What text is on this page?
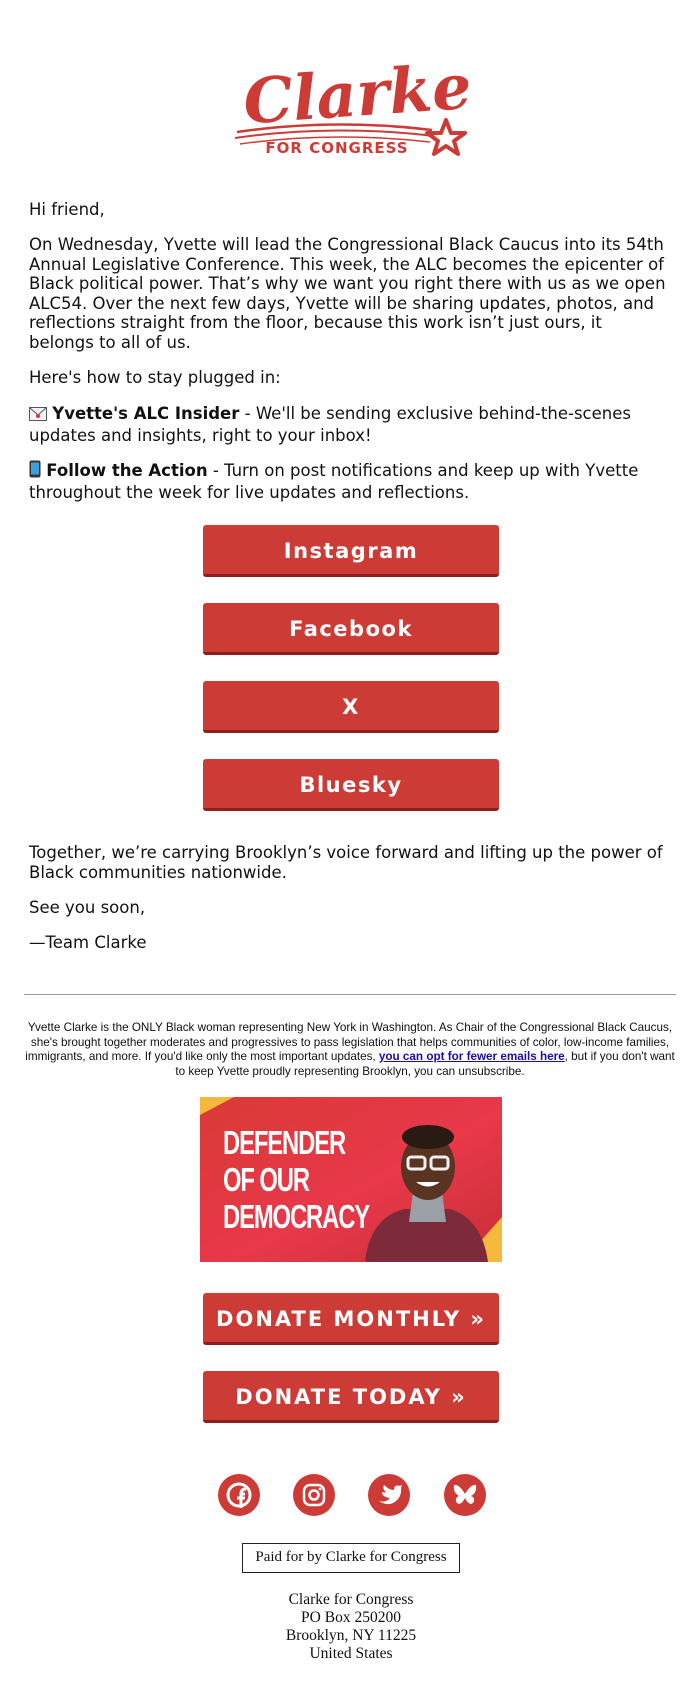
Clarke
FOR CONGRESS

Hi friend,

On Wednesday, Yvette will lead the Congressional Black Caucus into its 54th Annual Legislative Conference. This week, the ALC becomes the epicenter of Black political power. That’s why we want you right there with us as we open ALC54. Over the next few days, Yvette will be sharing updates, photos, and reflections straight from the floor, because this work isn’t just ours, it belongs to all of us.

Here's how to stay plugged in:

Yvette's ALC Insider - We'll be sending exclusive behind-the-scenes updates and insights, right to your inbox!

Follow the Action - Turn on post notifications and keep up with Yvette throughout the week for live updates and reflections.

Instagram
Facebook
X
Bluesky

Together, we’re carrying Brooklyn’s voice forward and lifting up the power of Black communities nationwide.

See you soon,

—Team Clarke

Yvette Clarke is the ONLY Black woman representing New York in Washington. As Chair of the Congressional Black Caucus, she's brought together moderates and progressives to pass legislation that helps communities of color, low-income families, immigrants, and more. If you'd like only the most important updates, you can opt for fewer emails here, but if you don't want to keep Yvette proudly representing Brooklyn, you can unsubscribe.
DEFENDER
OF OUR
DEMOCRACY
DONATE MONTHLY »
DONATE TODAY »
Paid for by Clarke for Congress
Clarke for Congress
PO Box 250200
Brooklyn, NY 11225
United States
